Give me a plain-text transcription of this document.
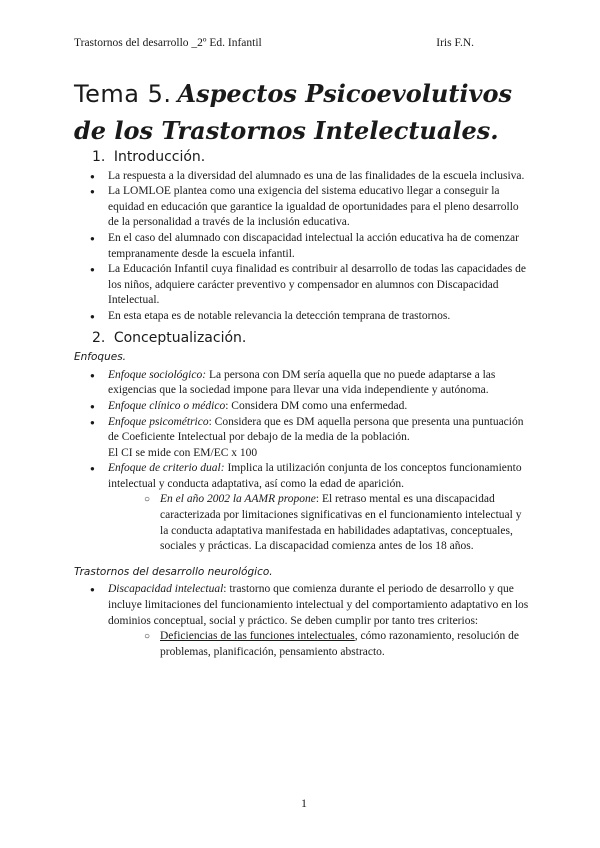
Trastornos del desarrollo _2º Ed. Infantil	Iris F.N.
Tema 5. Aspectos Psicoevolutivos de los Trastornos Intelectuales.
1. Introducción.
● La respuesta a la diversidad del alumnado es una de las finalidades de la escuela inclusiva.
● La LOMLOE plantea como una exigencia del sistema educativo llegar a conseguir la equidad en educación que garantice la igualdad de oportunidades para el pleno desarrollo de la personalidad a través de la inclusión educativa.
● En el caso del alumnado con discapacidad intelectual la acción educativa ha de comenzar tempranamente desde la escuela infantil.
● La Educación Infantil cuya finalidad es contribuir al desarrollo de todas las capacidades de los niños, adquiere carácter preventivo y compensador en alumnos con Discapacidad Intelectual.
● En esta etapa es de notable relevancia la detección temprana de trastornos.
2. Conceptualización.
Enfoques.
● Enfoque sociológico: La persona con DM sería aquella que no puede adaptarse a las exigencias que la sociedad impone para llevar una vida independiente y autónoma.
● Enfoque clínico o médico: Considera DM como una enfermedad.
● Enfoque psicométrico: Considera que es DM aquella persona que presenta una puntuación de Coeficiente Intelectual por debajo de la media de la población.
El CI se mide con EM/EC x 100
● Enfoque de criterio dual: Implica la utilización conjunta de los conceptos funcionamiento intelectual y conducta adaptativa, así como la edad de aparición.
○ En el año 2002 la AAMR propone: El retraso mental es una discapacidad caracterizada por limitaciones significativas en el funcionamiento intelectual y la conducta adaptativa manifestada en habilidades adaptativas, conceptuales, sociales y prácticas. La discapacidad comienza antes de los 18 años.
Trastornos del desarrollo neurológico.
● Discapacidad intelectual: trastorno que comienza durante el periodo de desarrollo y que incluye limitaciones del funcionamiento intelectual y del comportamiento adaptativo en los dominios conceptual, social y práctico. Se deben cumplir por tanto tres criterios:
○ Deficiencias de las funciones intelectuales, cómo razonamiento, resolución de problemas, planificación, pensamiento abstracto.
1
